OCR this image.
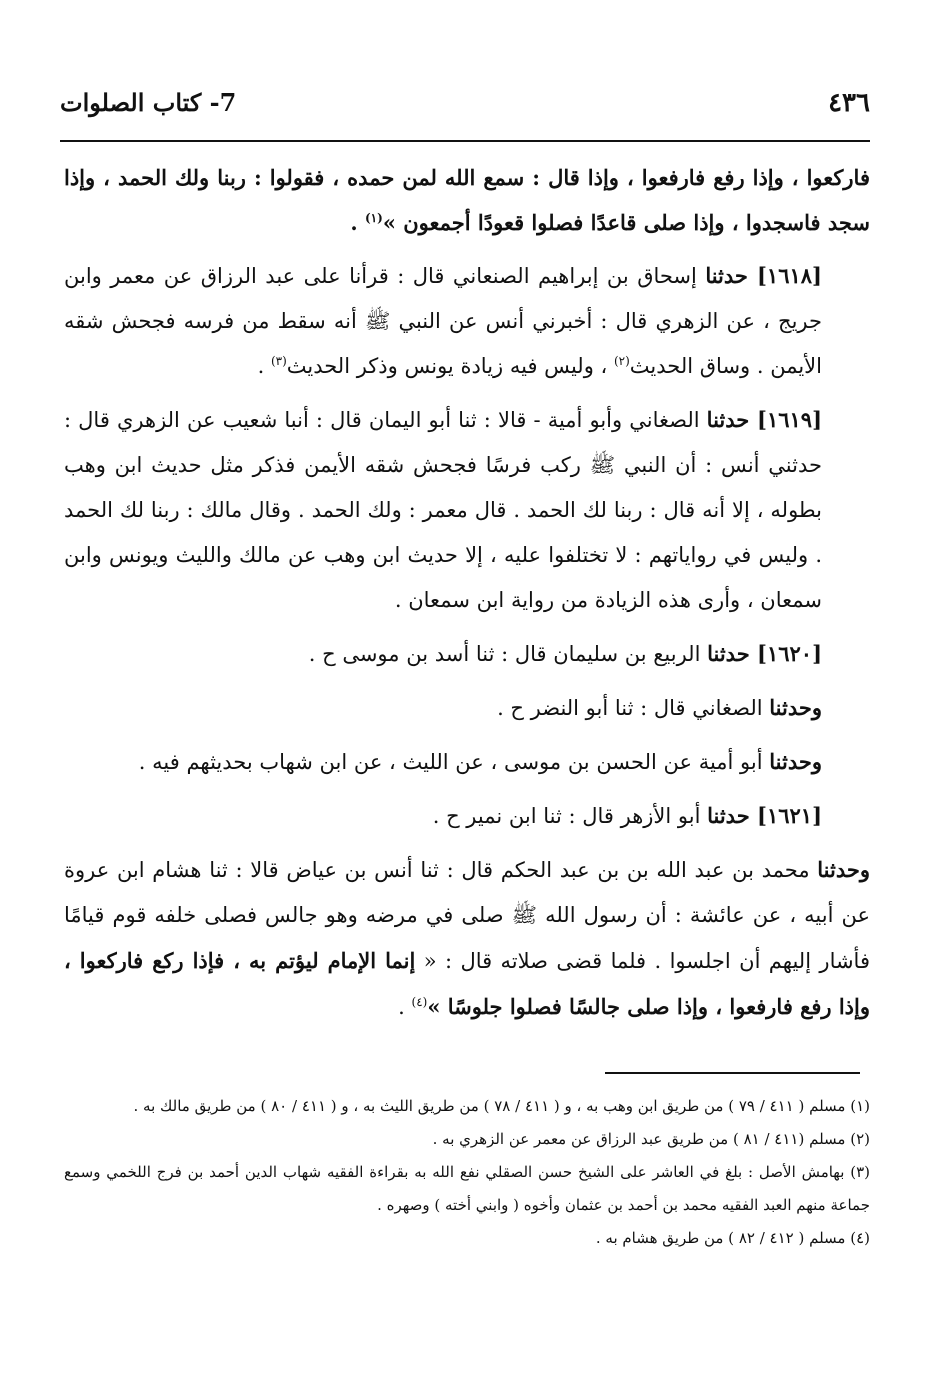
٤٣٦
7- كتاب الصلوات

فاركعوا ، وإذا رفع فارفعوا ، وإذا قال : سمع الله لمن حمده ، فقولوا : ربنا ولك الحمد ، وإذا سجد فاسجدوا ، وإذا صلى قاعدًا فصلوا قعودًا أجمعون »$^{(١)}$ .

[١٦١٨] حدثنا إسحاق بن إبراهيم الصنعاني قال : قرأنا على عبد الرزاق عن معمر وابن جريج ، عن الزهري قال : أخبرني أنس عن النبي ﷺ أنه سقط من فرسه فجحش شقه الأيمن . وساق الحديث$^{(٢)}$ ، وليس فيه زيادة يونس وذكر الحديث$^{(٣)}$ .

[١٦١٩] حدثنا الصغاني وأبو أمية - قالا : ثنا أبو اليمان قال : أنبا شعيب عن الزهري قال : حدثني أنس : أن النبي ﷺ ركب فرسًا فجحش شقه الأيمن فذكر مثل حديث ابن وهب بطوله ، إلا أنه قال : ربنا لك الحمد . قال معمر : ولك الحمد . وقال مالك : ربنا لك الحمد . وليس في رواياتهم : لا تختلفوا عليه ، إلا حديث ابن وهب عن مالك والليث ويونس وابن سمعان ، وأرى هذه الزيادة من رواية ابن سمعان .

[١٦٢٠] حدثنا الربيع بن سليمان قال : ثنا أسد بن موسى ح .

وحدثنا الصغاني قال : ثنا أبو النضر ح .

وحدثنا أبو أمية عن الحسن بن موسى ، عن الليث ، عن ابن شهاب بحديثهم فيه .

[١٦٢١] حدثنا أبو الأزهر قال : ثنا ابن نمير ح .

وحدثنا محمد بن عبد الله بن بن عبد الحكم قال : ثنا أنس بن عياض قالا : ثنا هشام ابن عروة عن أبيه ، عن عائشة : أن رسول الله ﷺ صلى في مرضه وهو جالس فصلى خلفه قوم قيامًا فأشار إليهم أن اجلسوا . فلما قضى صلاته قال : « إنما الإمام ليؤتم به ، فإذا ركع فاركعوا ، وإذا رفع فارفعوا ، وإذا صلى جالسًا فصلوا جلوسًا »$^{(٤)}$ .

(١) مسلم ( ٤١١ / ٧٩ ) من طريق ابن وهب به ، و ( ٤١١ / ٧٨ ) من طريق الليث به ، و ( ٤١١ / ٨٠ ) من طريق مالك به .

(٢) مسلم (٤١١ / ٨١ ) من طريق عبد الرزاق عن معمر عن الزهري به .

(٣) بهامش الأصل : بلغ في العاشر على الشيخ حسن الصقلي نفع الله به بقراءة الفقيه شهاب الدين أحمد بن فرج اللخمي وسمع جماعة منهم العبد الفقيه محمد بن أحمد بن عثمان وأخوه ( وابني أخته ) وصهره .

(٤) مسلم ( ٤١٢ / ٨٢ ) من طريق هشام به .
